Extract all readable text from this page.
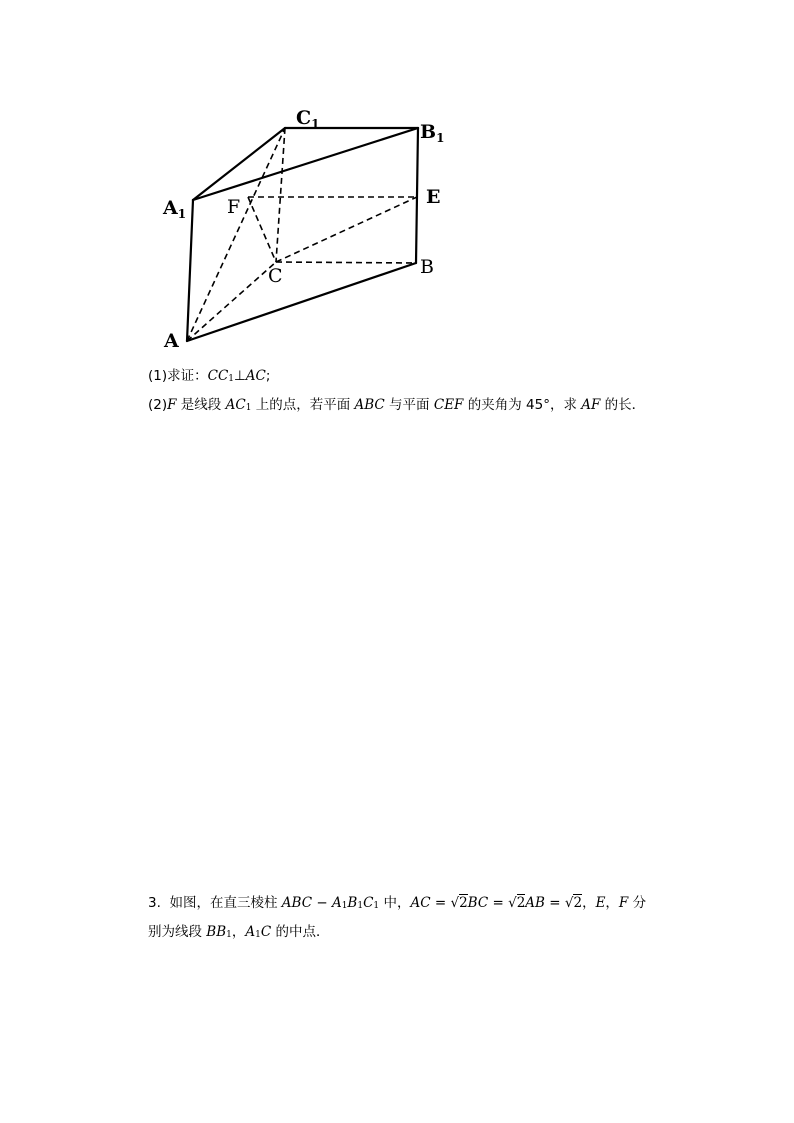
A
$A_1$
$B_1$
$C_1$
E
F
C	B
(1)求证：CC1⊥AC;
(2)F 是线段 AC1 上的点，若平面 ABC 与平面 CEF 的夹角为 45°，求 AF 的长．
3. 如图，在直三棱柱 ABC − A1B1C1 中，AC = √2BC = √2AB = √2，E，F 分
别为线段 BB1，A1C 的中点．
